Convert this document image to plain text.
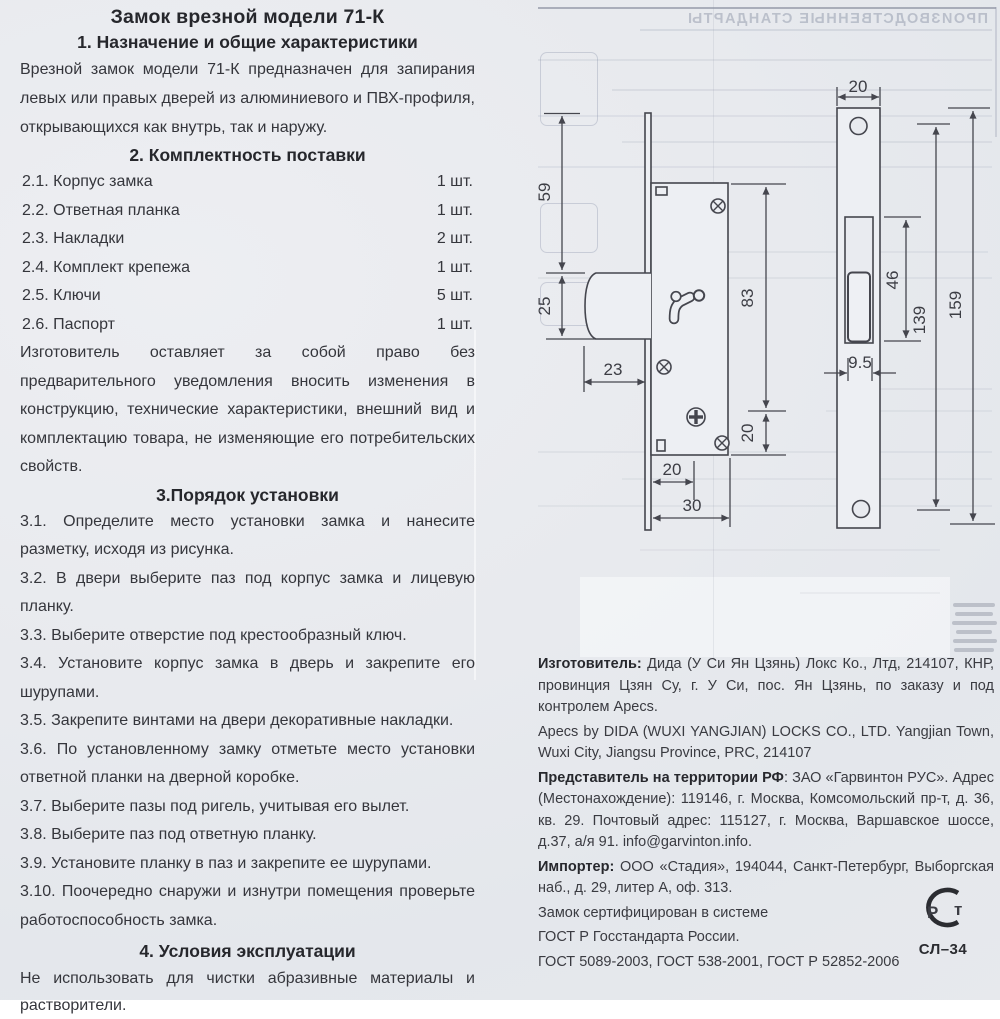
ПРОИЗВОДСТВЕННЫЕ СТАНДАРТЫ
Замок врезной модели 71-К
1. Назначение и общие характеристики

Врезной замок модели 71-К предназначен для запирания левых или правых дверей из алюминиевого и ПВХ-профиля, открывающихся как внутрь, так и наружу.

2. Комплектность поставки
2.1. Корпус замка	1 шт.
2.2. Ответная планка	1 шт.
2.3. Накладки	2 шт.
2.4. Комплект крепежа	1 шт.
2.5. Ключи	5 шт.
2.6. Паспорт	1 шт.

Изготовитель оставляет за собой право без предварительного уведомления вносить изменения в конструкцию, технические характеристики, внешний вид и комплектацию товара, не изменяющие его потребительских свойств.

3.Порядок установки

3.1. Определите место установки замка и нанесите разметку, исходя из рисунка.

3.2. В двери выберите паз под корпус замка и лицевую планку.

3.3. Выберите отверстие под крестообразный ключ.

3.4. Установите корпус замка в дверь и закрепите его шурупами.

3.5. Закрепите винтами на двери декоративные накладки.

3.6. По установленному замку отметьте место установки ответной планки на дверной коробке.

3.7. Выберите пазы под ригель, учитывая его вылет.

3.8. Выберите паз под ответную планку.

3.9. Установите планку в паз и закрепите ее шурупами.

3.10. Поочередно снаружи и изнутри помещения проверьте работоспособность замка.

4. Условия эксплуатации

Не использовать для чистки абразивные материалы и растворители.

59
25
23
83
20
20
30
20
9.5
46
139
159

Изготовитель: Дида (У Си Ян Цзянь) Локс Ко., Лтд, 214107, КНР, провинция Цзян Су, г. У Си, пос. Ян Цзянь, по заказу и под контролем Apecs.

Apecs by DIDA (WUXI YANGJIAN) LOCKS CO., LTD. Yangjian Town, Wuxi City, Jiangsu Province, PRC, 214107

Представитель на территории РФ: ЗАО «Гарвинтон РУС». Адрес (Местонахождение): 119146, г. Москва, Комсомольский пр-т, д. 36, кв. 29. Почтовый адрес: 115127, г. Москва, Варшавское шоссе, д.37, а/я 91. info@garvinton.info.

Импортер: ООО «Стадия», 194044, Санкт-Петербург, Выборгская наб., д. 29, литер А, оф. 313.

Замок сертифицирован в системе

ГОСТ Р Госстандарта России.

ГОСТ 5089-2003, ГОСТ 538-2001, ГОСТ Р 52852-2006

Р т
СЛ–34
